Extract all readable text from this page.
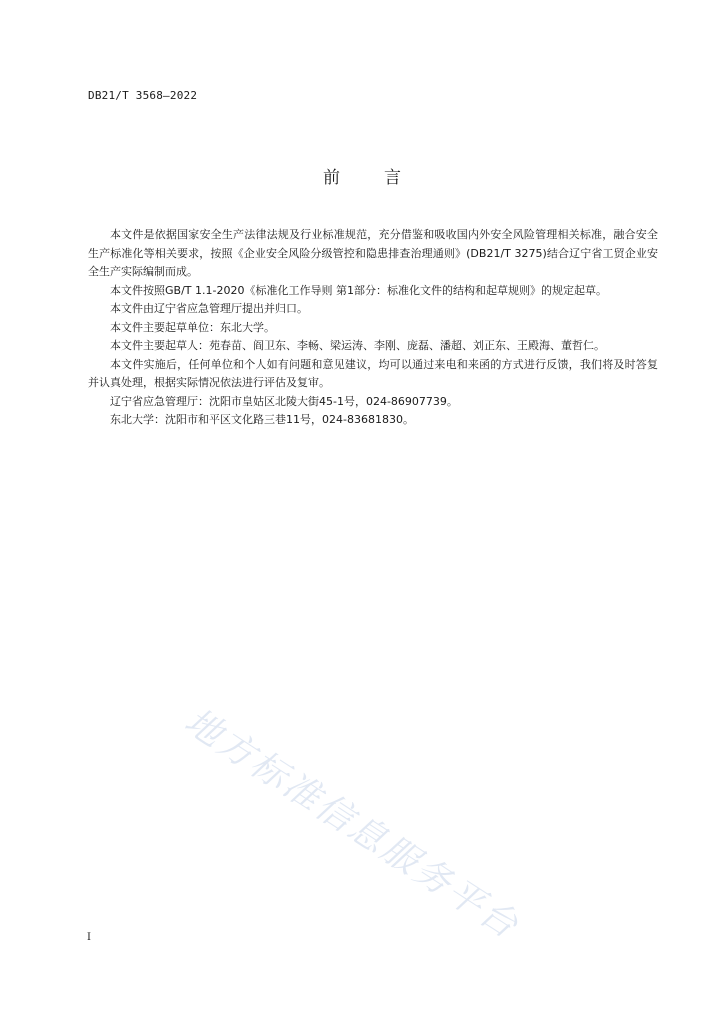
DB21/T 3568—2022
前言

本文件是依据国家安全生产法律法规及行业标准规范，充分借鉴和吸收国内外安全风险管理相关标准，融合安全生产标准化等相关要求，按照《企业安全风险分级管控和隐患排查治理通则》(DB21/T 3275)结合辽宁省工贸企业安全生产实际编制而成。

本文件按照GB/T 1.1-2020《标准化工作导则 第1部分：标准化文件的结构和起草规则》的规定起草。

本文件由辽宁省应急管理厅提出并归口。

本文件主要起草单位：东北大学。

本文件主要起草人：苑春苗、阎卫东、李畅、梁运涛、李刚、庞磊、潘超、刘正东、王殿海、董哲仁。

本文件实施后，任何单位和个人如有问题和意见建议，均可以通过来电和来函的方式进行反馈，我们将及时答复并认真处理，根据实际情况依法进行评估及复审。

辽宁省应急管理厅：沈阳市皇姑区北陵大街45-1号，024-86907739。

东北大学：沈阳市和平区文化路三巷11号，024-83681830。

地方标准信息服务平台
I
